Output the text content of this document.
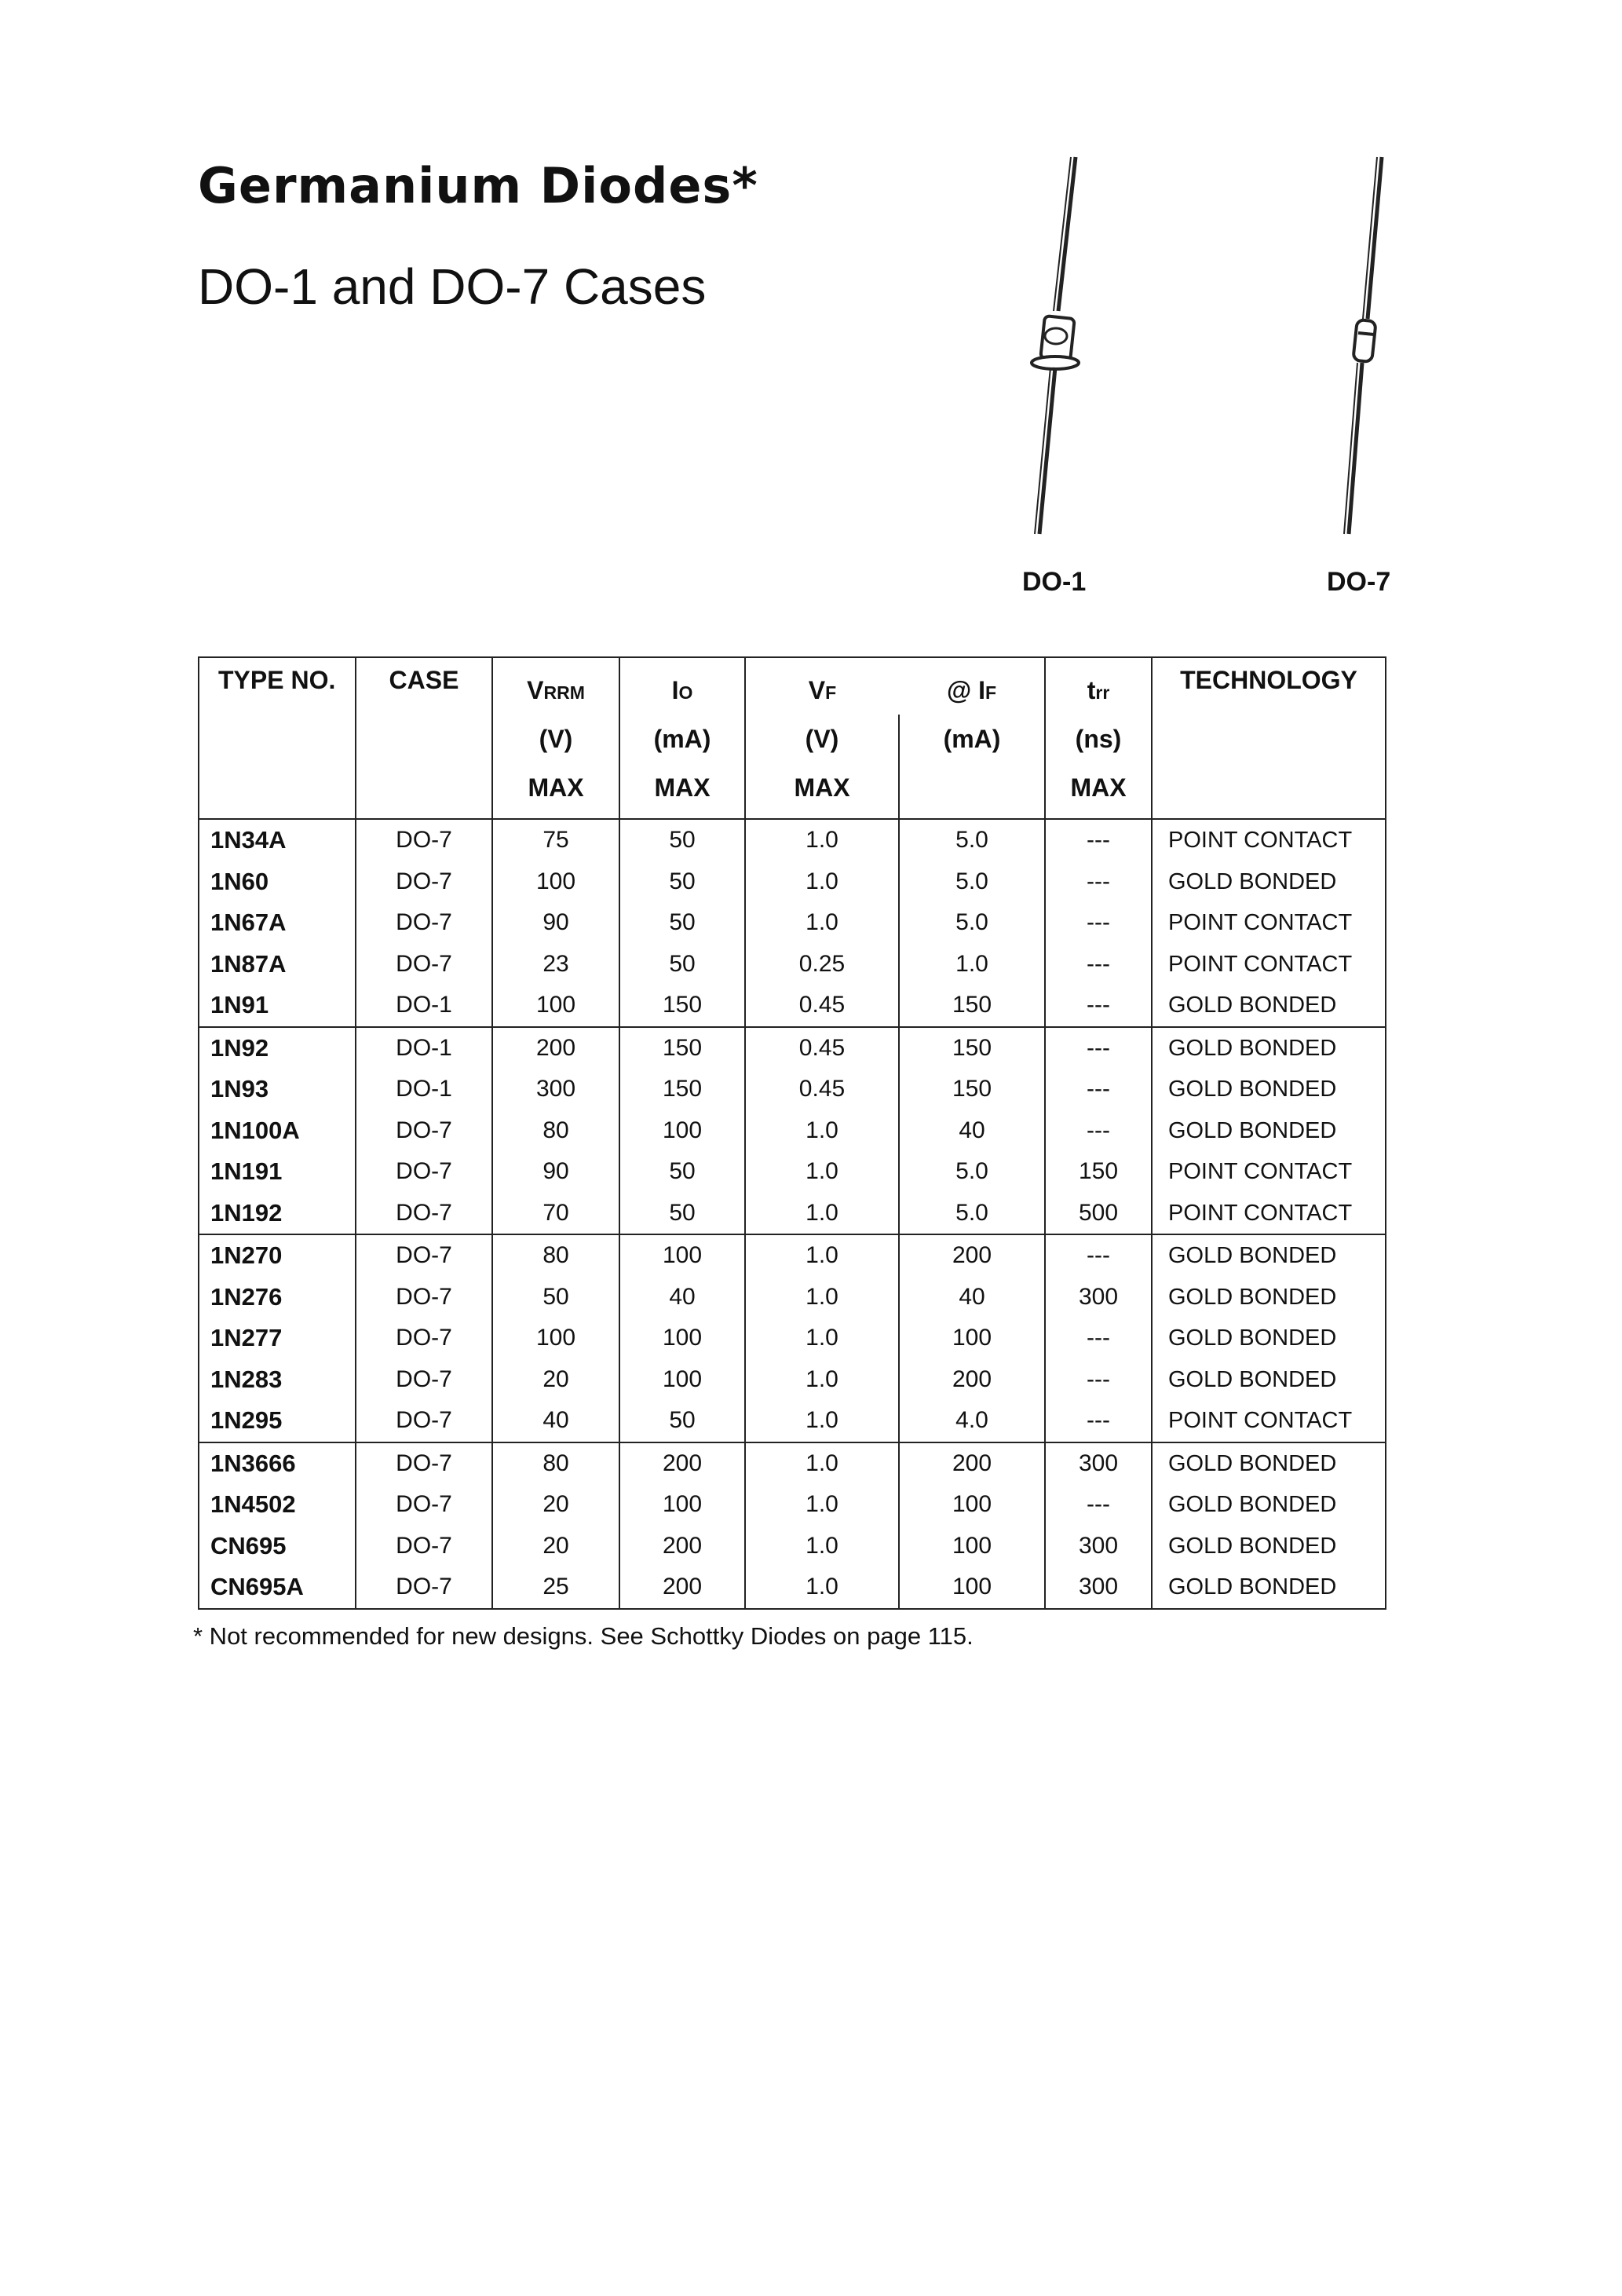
Germanium Diodes*
DO-1 and DO-7 Cases
DO-1	DO-7
TYPE NO.	CASE	VRRM	IO	VF	@ IF	trr	TECHNOLOGY
		(V)	(mA)	(V)	(mA)	(ns)	
		MAX	MAX	MAX		MAX	
1N34A	DO-7	75	50	1.0	5.0	---	POINT CONTACT
1N60	DO-7	100	50	1.0	5.0	---	GOLD BONDED
1N67A	DO-7	90	50	1.0	5.0	---	POINT CONTACT
1N87A	DO-7	23	50	0.25	1.0	---	POINT CONTACT
1N91	DO-1	100	150	0.45	150	---	GOLD BONDED
1N92	DO-1	200	150	0.45	150	---	GOLD BONDED
1N93	DO-1	300	150	0.45	150	---	GOLD BONDED
1N100A	DO-7	80	100	1.0	40	---	GOLD BONDED
1N191	DO-7	90	50	1.0	5.0	150	POINT CONTACT
1N192	DO-7	70	50	1.0	5.0	500	POINT CONTACT
1N270	DO-7	80	100	1.0	200	---	GOLD BONDED
1N276	DO-7	50	40	1.0	40	300	GOLD BONDED
1N277	DO-7	100	100	1.0	100	---	GOLD BONDED
1N283	DO-7	20	100	1.0	200	---	GOLD BONDED
1N295	DO-7	40	50	1.0	4.0	---	POINT CONTACT
1N3666	DO-7	80	200	1.0	200	300	GOLD BONDED
1N4502	DO-7	20	100	1.0	100	---	GOLD BONDED
CN695	DO-7	20	200	1.0	100	300	GOLD BONDED
CN695A	DO-7	25	200	1.0	100	300	GOLD BONDED

* Not recommended for new designs. See Schottky Diodes on page 115.
